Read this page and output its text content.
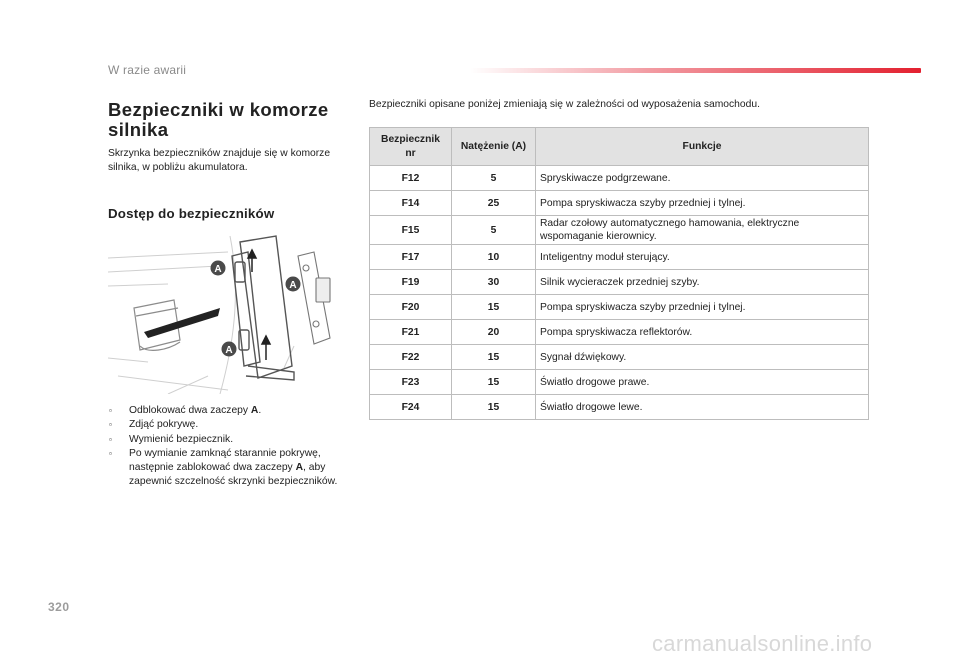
W razie awarii
Bezpieczniki w komorze silnika
Skrzynka bezpieczników znajduje się w komorze silnika, w pobliżu akumulatora.
Dostęp do bezpieczników
A
A
A
▫ Odblokować dwa zaczepy A.
▫ Zdjąć pokrywę.
▫ Wymienić bezpiecznik.
▫ Po wymianie zamknąć starannie pokrywę, następnie zablokować dwa zaczepy A, aby zapewnić szczelność skrzynki bezpieczników.
Bezpieczniki opisane poniżej zmieniają się w zależności od wyposażenia samochodu.
Bezpiecznik nr	Natężenie (A)	Funkcje
F12	5	Spryskiwacze podgrzewane.
F14	25	Pompa spryskiwacza szyby przedniej i tylnej.
F15	5	Radar czołowy automatycznego hamowania, elektryczne wspomaganie kierownicy.
F17	10	Inteligentny moduł sterujący.
F19	30	Silnik wycieraczek przedniej szyby.
F20	15	Pompa spryskiwacza szyby przedniej i tylnej.
F21	20	Pompa spryskiwacza reflektorów.
F22	15	Sygnał dźwiękowy.
F23	15	Światło drogowe prawe.
F24	15	Światło drogowe lewe.
320
carmanualsonline.info
